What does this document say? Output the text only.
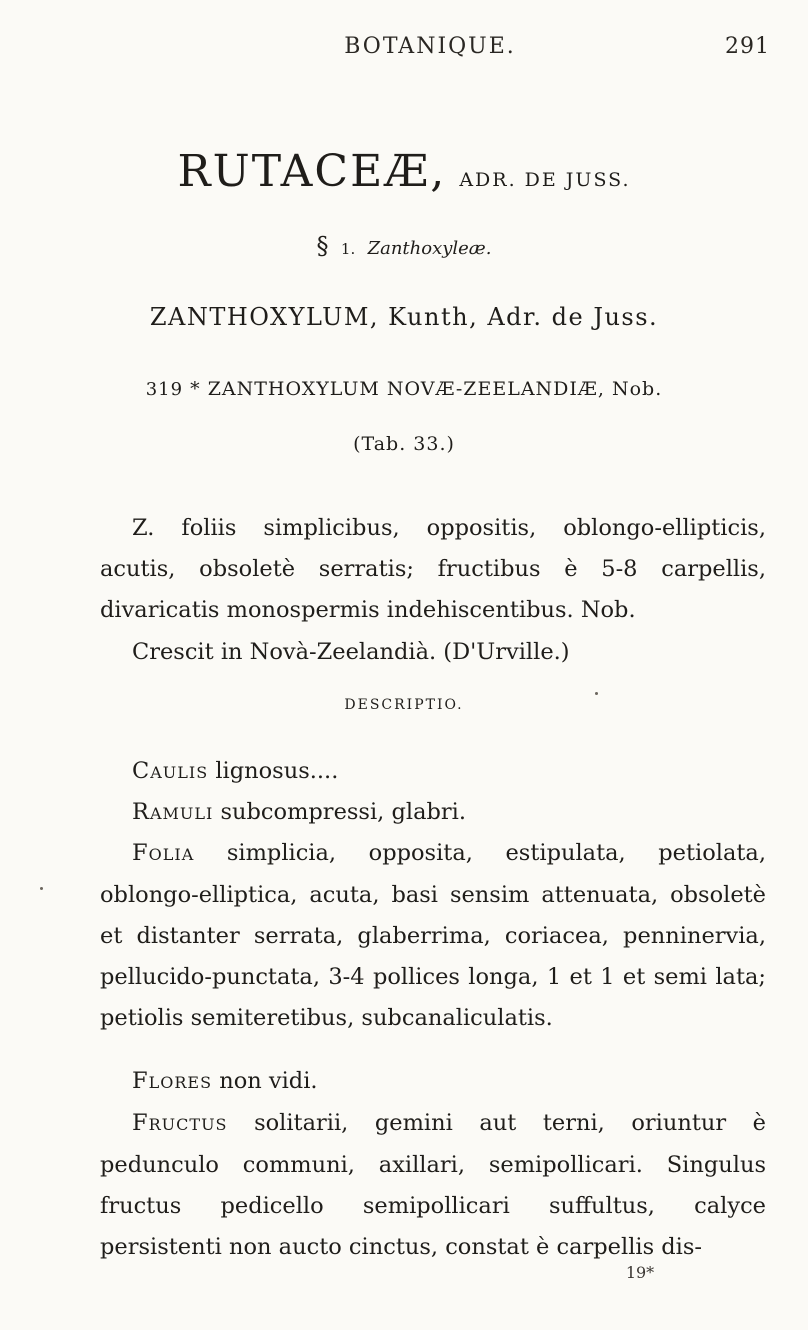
BOTANIQUE.	291
RUTACEÆ, ADR. DE JUSS.
§ 1. Zanthoxyleæ.
ZANTHOXYLUM, Kunth, Adr. de Juss.
319 * ZANTHOXYLUM NOVÆ-ZEELANDIÆ, Nob.
(Tab. 33.)

Z. foliis simplicibus, oppositis, oblongo-ellipticis, acutis, obsoletè serratis; fructibus è 5-8 carpellis, divaricatis monospermis indehiscentibus. Nob.

Crescit in Novà-Zeelandià. (D'Urville.)

DESCRIPTIO.

CAULIS lignosus....

RAMULI subcompressi, glabri.

FOLIA simplicia, opposita, estipulata, petiolata, oblongo-elliptica, acuta, basi sensim attenuata, obsoletè et distanter serrata, glaberrima, coriacea, penninervia, pellucido-punctata, 3-4 pollices longa, 1 et 1 et semi lata; petiolis semiteretibus, subcanaliculatis.

FLORES non vidi.

FRUCTUS solitarii, gemini aut terni, oriuntur è pedunculo communi, axillari, semipollicari. Singulus fructus pedicello semipollicari suffultus, calyce persistenti non aucto cinctus, constat è carpellis dis-

19*
